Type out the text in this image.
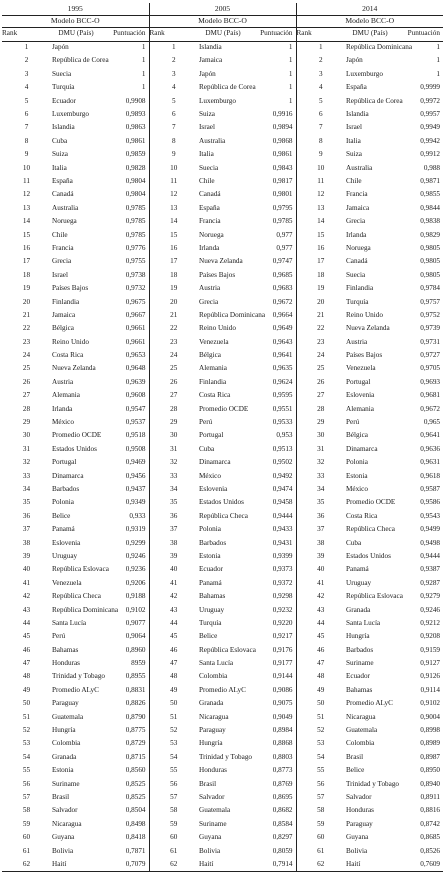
1995			2005			2014		
Modelo BCC-O			Modelo BCC-O			Modelo BCC-O		
Rank	DMU (País)	Puntuación	Rank	DMU (País)	Puntuación	Rank	DMU (País)	Puntuación
1	Japón	1	1	Islandia	1	1	República Dominicana	1
2	República de Corea	1	2	Jamaica	1	2	Japón	1
3	Suecia	1	3	Japón	1	3	Luxemburgo	1
4	Turquía	1	4	República de Corea	1	4	España	0,9999
5	Ecuador	0,9908	5	Luxemburgo	1	5	República de Corea	0,9972
6	Luxemburgo	0,9893	6	Suiza	0,9916	6	Islandia	0,9957
7	Islandia	0,9863	7	Israel	0,9894	7	Israel	0,9949
8	Cuba	0,9861	8	Australia	0,9868	8	Italia	0,9942
9	Suiza	0,9859	9	Italia	0,9861	9	Suiza	0,9912
10	Italia	0,9828	10	Suecia	0,9843	10	Australia	0,988
11	España	0,9804	11	Chile	0,9817	11	Chile	0,9871
12	Canadá	0,9804	12	Canadá	0,9801	12	Francia	0,9855
13	Australia	0,9785	13	España	0,9795	13	Jamaica	0,9844
14	Noruega	0,9785	14	Francia	0,9785	14	Grecia	0,9838
15	Chile	0,9785	15	Noruega	0,977	15	Irlanda	0,9829
16	Francia	0,9776	16	Irlanda	0,977	16	Noruega	0,9805
17	Grecia	0,9755	17	Nueva Zelanda	0,9747	17	Canadá	0,9805
18	Israel	0,9738	18	Países Bajos	0,9685	18	Suecia	0,9805
19	Países Bajos	0,9732	19	Austria	0,9683	19	Finlandia	0,9784
20	Finlandia	0,9675	20	Grecia	0,9672	20	Turquía	0,9757
21	Jamaica	0,9667	21	República Dominicana	0,9664	21	Reino Unido	0,9752
22	Bélgica	0,9661	22	Reino Unido	0,9649	22	Nueva Zelanda	0,9739
23	Reino Unido	0,9661	23	Venezuela	0,9643	23	Austria	0,9731
24	Costa Rica	0,9653	24	Bélgica	0,9641	24	Países Bajos	0,9727
25	Nueva Zelanda	0,9648	25	Alemania	0,9635	25	Venezuela	0,9705
26	Austria	0,9639	26	Finlandia	0,9624	26	Portugal	0,9693
27	Alemania	0,9608	27	Costa Rica	0,9595	27	Eslovenia	0,9681
28	Irlanda	0,9547	28	Promedio OCDE	0,9551	28	Alemania	0,9672
29	México	0,9537	29	Perú	0,9533	29	Perú	0,965
30	Promedio OCDE	0,9518	30	Portugal	0,953	30	Bélgica	0,9641
31	Estados Unidos	0,9508	31	Cuba	0,9513	31	Dinamarca	0,9636
32	Portugal	0,9469	32	Dinamarca	0,9502	32	Polonia	0,9631
33	Dinamarca	0,9456	33	México	0,9492	33	Estonia	0,9618
34	Barbados	0,9437	34	Eslovenia	0,9474	34	México	0,9587
35	Polonia	0,9349	35	Estados Unidos	0,9458	35	Promedio OCDE	0,9586
36	Belice	0,933	36	República Checa	0,9444	36	Costa Rica	0,9543
37	Panamá	0,9319	37	Polonia	0,9433	37	República Checa	0,9499
38	Eslovenia	0,9299	38	Barbados	0,9431	38	Cuba	0,9498
39	Uruguay	0,9246	39	Estonia	0,9399	39	Estados Unidos	0,9444
40	República Eslovaca	0,9236	40	Ecuador	0,9373	40	Panamá	0,9387
41	Venezuela	0,9206	41	Panamá	0,9372	41	Uruguay	0,9287
42	República Checa	0,9188	42	Bahamas	0,9298	42	República Eslovaca	0,9279
43	República Dominicana	0,9102	43	Uruguay	0,9232	43	Granada	0,9246
44	Santa Lucía	0,9077	44	Turquía	0,9220	44	Santa Lucía	0,9212
45	Perú	0,9064	45	Belice	0,9217	45	Hungría	0,9208
46	Bahamas	0,8960	46	República Eslovaca	0,9176	46	Barbados	0,9159
47	Honduras	8959	47	Santa Lucía	0,9177	47	Suriname	0,9127
48	Trinidad y Tobago	0,8955	48	Colombia	0,9144	48	Ecuador	0,9126
49	Promedio ALyC	0,8831	49	Promedio ALyC	0,9086	49	Bahamas	0,9114
50	Paraguay	0,8826	50	Granada	0,9075	50	Promedio ALyC	0,9102
51	Guatemala	0,8790	51	Nicaragua	0,9049	51	Nicaragua	0,9004
52	Hungría	0,8775	52	Paraguay	0,8984	52	Guatemala	0,8998
53	Colombia	0,8729	53	Hungría	0,8868	53	Colombia	0,8989
54	Granada	0,8715	54	Trinidad y Tobago	0,8803	54	Brasil	0,8987
55	Estonia	0,8560	55	Honduras	0,8773	55	Belice	0,8950
56	Suriname	0,8525	56	Brasil	0,8769	56	Trinidad y Tobago	0,8940
57	Brasil	0,8525	57	Salvador	0,8695	57	Salvador	0,8911
58	Salvador	0,8504	58	Guatemala	0,8682	58	Honduras	0,8816
59	Nicaragua	0,8498	59	Suriname	0,8584	59	Paraguay	0,8742
60	Guyana	0,8418	60	Guyana	0,8297	60	Guyana	0,8685
61	Bolivia	0,7871	61	Bolivia	0,8059	61	Bolivia	0,8526
62	Haití	0,7079	62	Haití	0,7914	62	Haití	0,7609
